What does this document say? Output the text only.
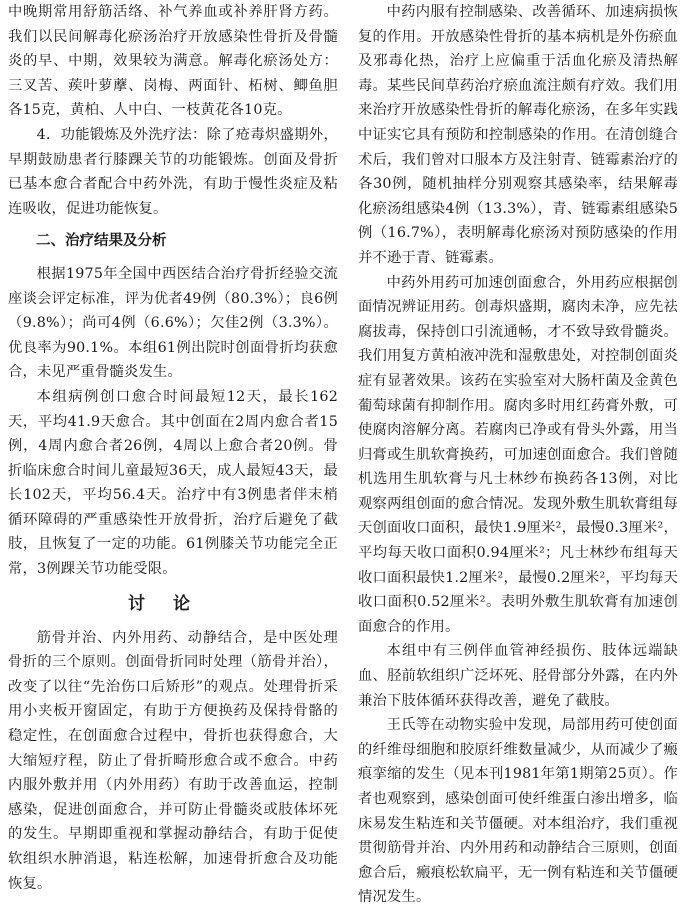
中晚期常用舒筋活络、补气养血或补养肝肾方药。我们以民间解毒化瘀汤治疗开放感染性骨折及骨髓炎的早、中期，效果较为满意。解毒化瘀汤处方：三叉苦、蒺叶萝藦、岗梅、两面针、柘树、鲫鱼胆各15克，黄柏、人中白、一枝黄花各10克。

4．功能锻炼及外洗疗法：除了疮毒炽盛期外，早期鼓励患者行膝踝关节的功能锻炼。创面及骨折已基本愈合者配合中药外洗，有助于慢性炎症及粘连吸收，促进功能恢复。

二、治疗结果及分析

根据1975年全国中西医结合治疗骨折经验交流座谈会评定标准，评为优者49例（80.3%）；良6例（9.8%）；尚可4例（6.6%）；欠佳2例（3.3%）。优良率为90.1%。本组61例出院时创面骨折均获愈合，未见严重骨髓炎发生。

本组病例创口愈合时间最短12天，最长162天，平均41.9天愈合。其中创面在2周内愈合者15例，4周内愈合者26例，4周以上愈合者20例。骨折临床愈合时间儿童最短36天，成人最短43天，最长102天，平均56.4天。治疗中有3例患者伴末梢循环障碍的严重感染性开放骨折，治疗后避免了截肢，且恢复了一定的功能。61例膝关节功能完全正常，3例踝关节功能受限。

讨论

筋骨并治、内外用药、动静结合，是中医处理骨折的三个原则。创面骨折同时处理（筋骨并治），改变了以往“先治伤口后矫形”的观点。处理骨折采用小夹板开窗固定，有助于方便换药及保持骨骼的稳定性，在创面愈合过程中，骨折也获得愈合，大大缩短疗程，防止了骨折畸形愈合或不愈合。中药内服外敷并用（内外用药）有助于改善血运，控制感染，促进创面愈合，并可防止骨髓炎或肢体坏死的发生。早期即重视和掌握动静结合，有助于促使软组织水肿消退，粘连松解，加速骨折愈合及功能恢复。

中药内服有控制感染、改善循环、加速病损恢复的作用。开放感染性骨折的基本病机是外伤瘀血及邪毒化热，治疗上应偏重于活血化瘀及清热解毒。某些民间草药治疗瘀血流注颇有疗效。我们用来治疗开放感染性骨折的解毒化瘀汤，在多年实践中证实它具有预防和控制感染的作用。在清创缝合术后，我们曾对口服本方及注射青、链霉素治疗的各30例，随机抽样分别观察其感染率，结果解毒化瘀汤组感染4例（13.3%），青、链霉素组感染5例（16.7%），表明解毒化瘀汤对预防感染的作用并不逊于青、链霉素。

中药外用药可加速创面愈合，外用药应根据创面情况辨证用药。创毒炽盛期，腐肉未净，应先祛腐拔毒，保持创口引流通畅，才不致导致骨髓炎。我们用复方黄柏液冲洗和湿敷患处，对控制创面炎症有显著效果。该药在实验室对大肠杆菌及金黄色葡萄球菌有抑制作用。腐肉多时用红药膏外敷，可使腐肉溶解分离。若腐肉已净或有骨头外露，用当归膏或生肌软膏换药，可加速创面愈合。我们曾随机选用生肌软膏与凡士林纱布换药各13例，对比观察两组创面的愈合情况。发现外敷生肌软膏组每天创面收口面积，最快1.9厘米²，最慢0.3厘米²，平均每天收口面积0.94厘米²；凡士林纱布组每天收口面积最快1.2厘米²，最慢0.2厘米²，平均每天收口面积0.52厘米²。表明外敷生肌软膏有加速创面愈合的作用。

本组中有三例伴血管神经损伤、肢体远端缺血、胫前软组织广泛坏死、胫骨部分外露，在内外兼治下肢体循环获得改善，避免了截肢。

王氏等在动物实验中发现，局部用药可使创面的纤维母细胞和胶原纤维数量减少，从而减少了瘢痕挛缩的发生（见本刊1981年第1期第25页）。作者也观察到，感染创面可使纤维蛋白渗出增多，临床易发生粘连和关节僵硬。对本组治疗，我们重视贯彻筋骨并治、内外用药和动静结合三原则，创面愈合后，瘢痕松软扁平，无一例有粘连和关节僵硬情况发生。
